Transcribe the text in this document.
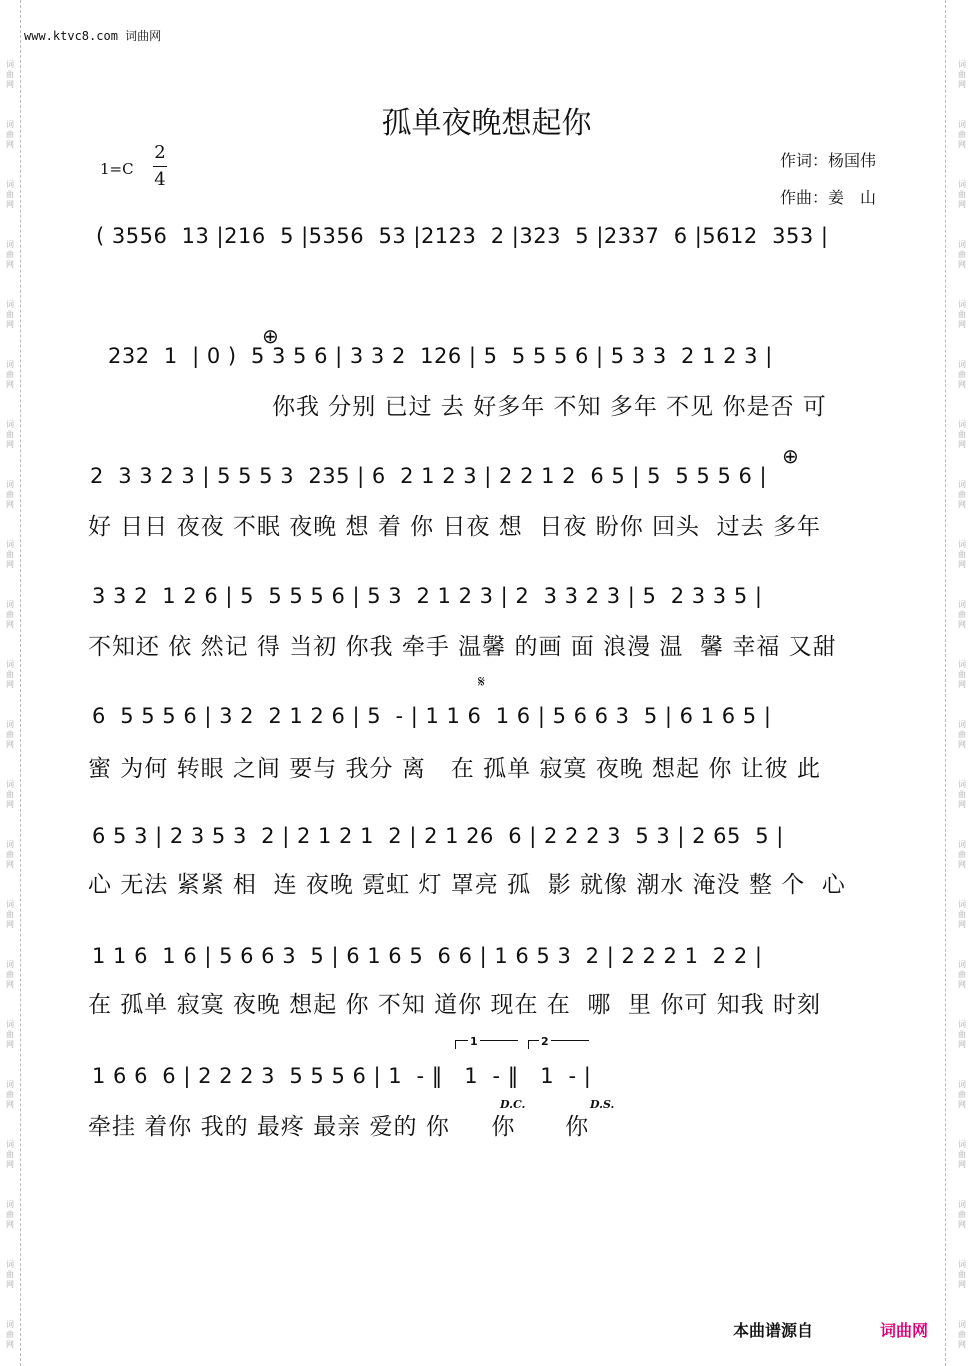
词曲网
词曲网
词曲网
词曲网
词曲网
词曲网
词曲网
词曲网
词曲网
词曲网
词曲网
词曲网
词曲网
词曲网
词曲网
词曲网
词曲网
词曲网
词曲网
词曲网
词曲网
词曲网
词曲网
词曲网
词曲网
词曲网
词曲网
词曲网
词曲网
词曲网
词曲网
词曲网
词曲网
词曲网
词曲网
词曲网
词曲网
词曲网
词曲网
词曲网
词曲网
词曲网
词曲网
词曲网
www.ktvc8.com 词曲网
孤单夜晚想起你
1=C
2
4
作词：杨国伟
作曲：姜　山
( 3556  13 |216  5 |5356  53 |2123  2 |323  5 |2337  6 |5612  353 |
⊕
232  1  | 0 )  5 3 5 6 | 3 3 2  126 | 5  5 5 5 6 | 5 3 3  2 1 2 3 |
你我 分别 已过 去 好多年 不知 多年 不见 你是否 可
⊕
2  3 3 2 3 | 5 5 5 3  235 | 6  2 1 2 3 | 2 2 1 2  6 5 | 5  5 5 5 6 |
好 日日 夜夜 不眠 夜晚 想 着 你 日夜 想  日夜 盼你 回头  过去 多年
3 3 2  1 2 6 | 5  5 5 5 6 | 5 3  2 1 2 3 | 2  3 3 2 3 | 5  2 3 3 5 |
不知还 依 然记 得 当初 你我 牵手 温馨 的画 面 浪漫 温  馨 幸福 又甜
𝄋
6  5 5 5 6 | 3 2  2 1 2 6 | 5  - | 1 1 6  1 6 | 5 6 6 3  5 | 6 1 6 5 |
蜜 为何 转眼 之间 要与 我分 离   在 孤单 寂寞 夜晚 想起 你 让彼 此
6 5 3 | 2 3 5 3  2 | 2 1 2 1  2 | 2 1 26  6 | 2 2 2 3  5 3 | 2 65  5 |
心 无法 紧紧 相  连 夜晚 霓虹 灯 罩亮 孤  影 就像 潮水 淹没 整 个  心
1 1 6  1 6 | 5 6 6 3  5 | 6 1 6 5  6 6 | 1 6 5 3  2 | 2 2 2 1  2 2 |
在 孤单 寂寞 夜晚 想起 你 不知 道你 现在 在  哪  里 你可 知我 时刻
1	2
1 6 6  6 | 2 2 2 3  5 5 5 6 | 1  - ‖   1  - ‖   1  - |
D.C.	D.S.
牵挂 着你 我的 最疼 最亲 爱的 你     你      你
本曲谱源自	词曲网
